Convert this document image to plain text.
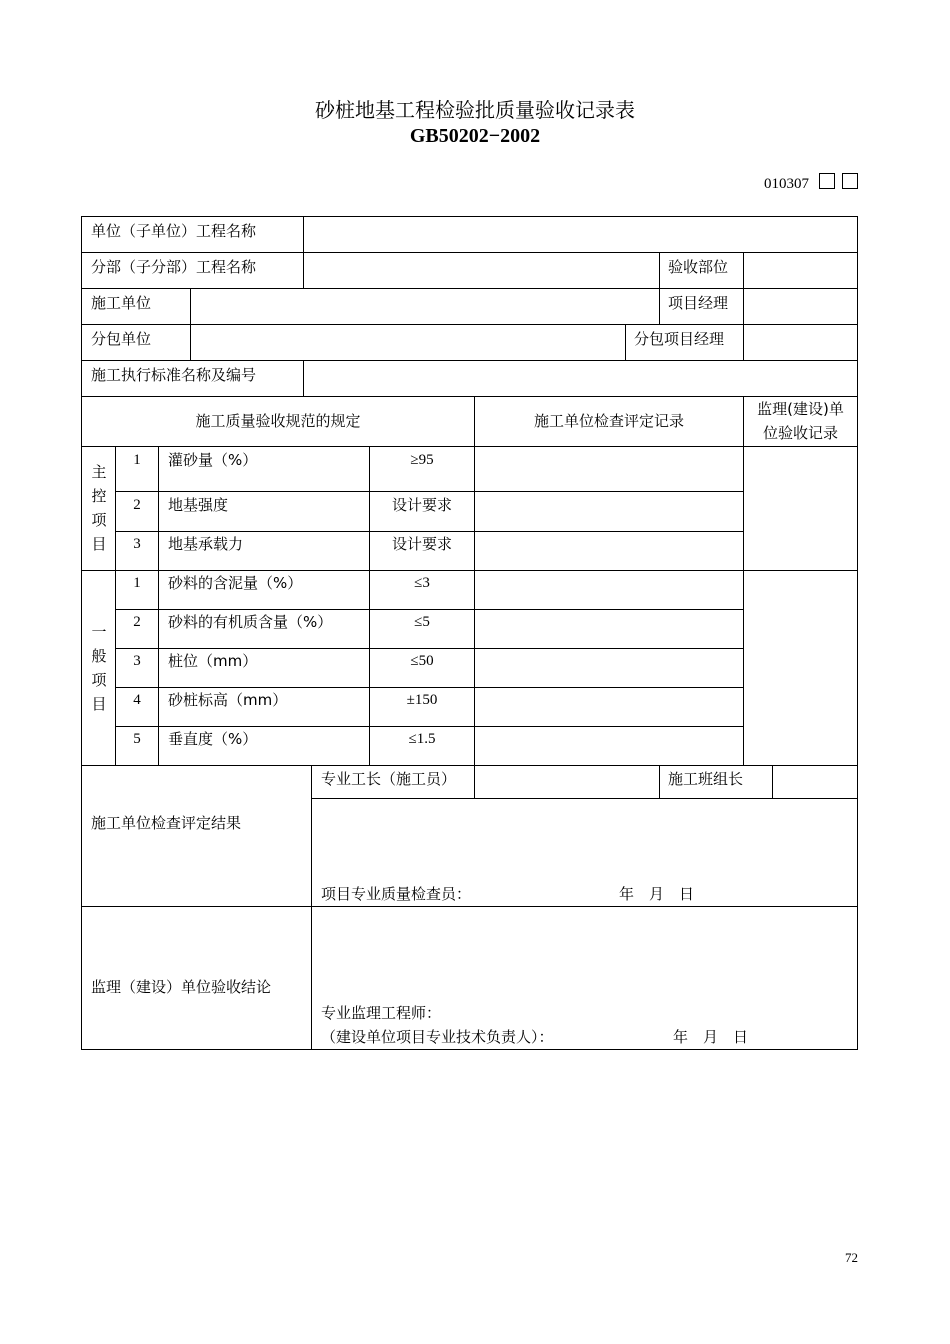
砂桩地基工程检验批质量验收记录表
GB50202−2002
010307
单位（子单位）工程名称
分部（子分部）工程名称	验收部位
施工单位	项目经理
分包单位	分包项目经理
施工执行标准名称及编号
施工质量验收规范的规定	施工单位检查评定记录
监理(建设)单
位验收记录
主
控
项
目
1	灌砂量（%）	≥95
2	地基强度	设计要求
3	地基承载力	设计要求
一
般
项
目
1	砂料的含泥量（%）	≤3
2	砂料的有机质含量（%）	≤5
3	桩位（mm）	≤50
4	砂桩标高（mm）	±150
5	垂直度（%）	≤1.5
施工单位检查评定结果
专业工长（施工员）	施工班组长
项目专业质量检查员：	年　月　日
监理（建设）单位验收结论
专业监理工程师：
（建设单位项目专业技术负责人）：	年　月　日
72
